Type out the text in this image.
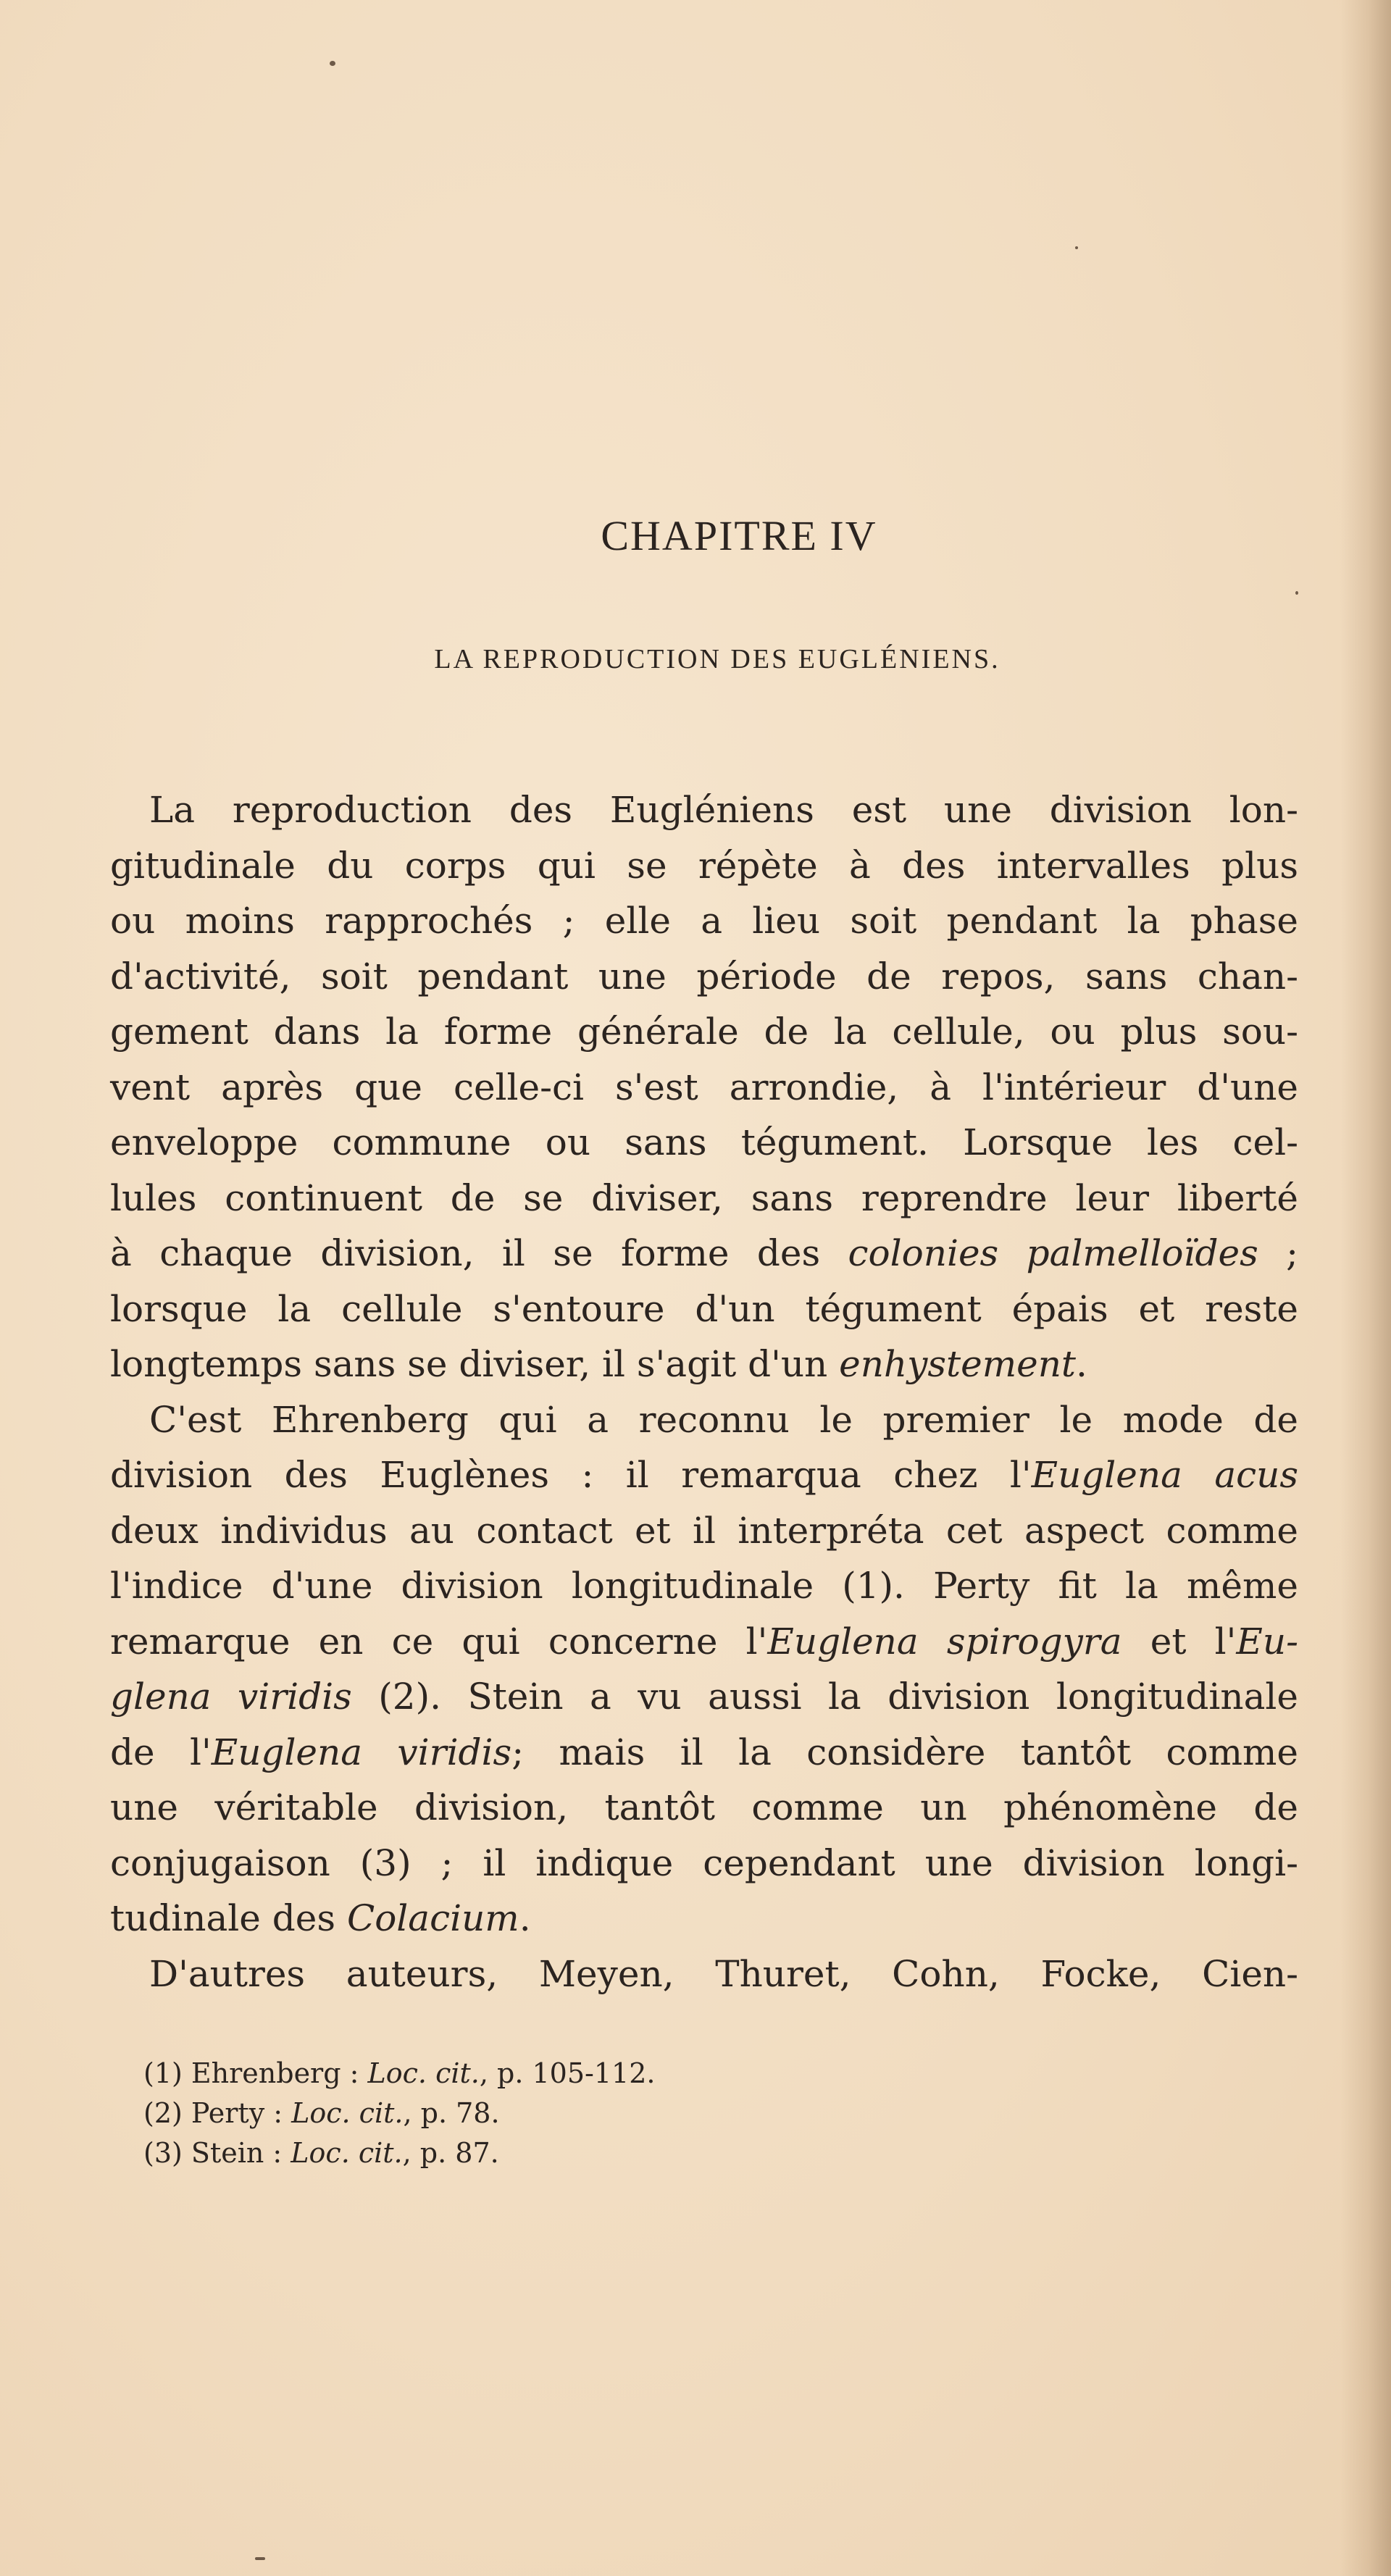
CHAPITRE IV
LA REPRODUCTION DES EUGLÉNIENS.
La reproduction des Eugléniens est une division lon-
gitudinale du corps qui se répète à des intervalles plus
ou moins rapprochés ; elle a lieu soit pendant la phase
d'activité, soit pendant une période de repos, sans chan-
gement dans la forme générale de la cellule, ou plus sou-
vent après que celle-ci s'est arrondie, à l'intérieur d'une
enveloppe commune ou sans tégument. Lorsque les cel-
lules continuent de se diviser, sans reprendre leur liberté
à chaque division, il se forme des colonies palmelloïdes ;
lorsque la cellule s'entoure d'un tégument épais et reste
longtemps sans se diviser, il s'agit d'un enhystement.
C'est Ehrenberg qui a reconnu le premier le mode de
division des Euglènes : il remarqua chez l'Euglena acus
deux individus au contact et il interpréta cet aspect comme
l'indice d'une division longitudinale (1). Perty fit la même
remarque en ce qui concerne l'Euglena spirogyra et l'Eu-
glena viridis (2). Stein a vu aussi la division longitudinale
de l'Euglena viridis; mais il la considère tantôt comme
une véritable division, tantôt comme un phénomène de
conjugaison (3) ; il indique cependant une division longi-
tudinale des Colacium.
D'autres auteurs, Meyen, Thuret, Cohn, Focke, Cien-
(1) Ehrenberg : Loc. cit., p. 105-112.
(2) Perty : Loc. cit., p. 78.
(3) Stein : Loc. cit., p. 87.
